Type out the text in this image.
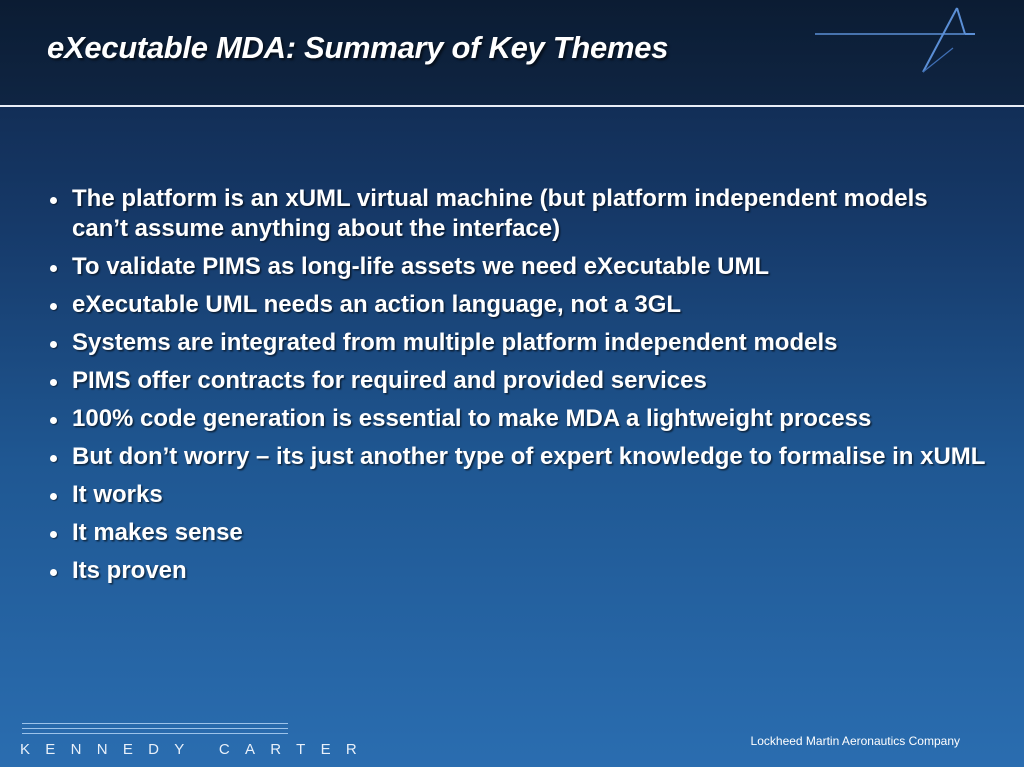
eXecutable MDA: Summary of Key Themes
The platform is an xUML virtual machine (but platform independent models can’t assume anything about the interface)
To validate PIMS as long-life assets we need eXecutable UML
eXecutable UML needs an action language, not a 3GL
Systems are integrated from multiple platform independent models
PIMS offer contracts for required and provided services
100% code generation is essential to make MDA a lightweight process
But don’t worry – its just another type of expert knowledge to formalise in xUML
It works
It makes sense
Its proven
KENNEDY CARTER	Lockheed Martin Aeronautics Company
